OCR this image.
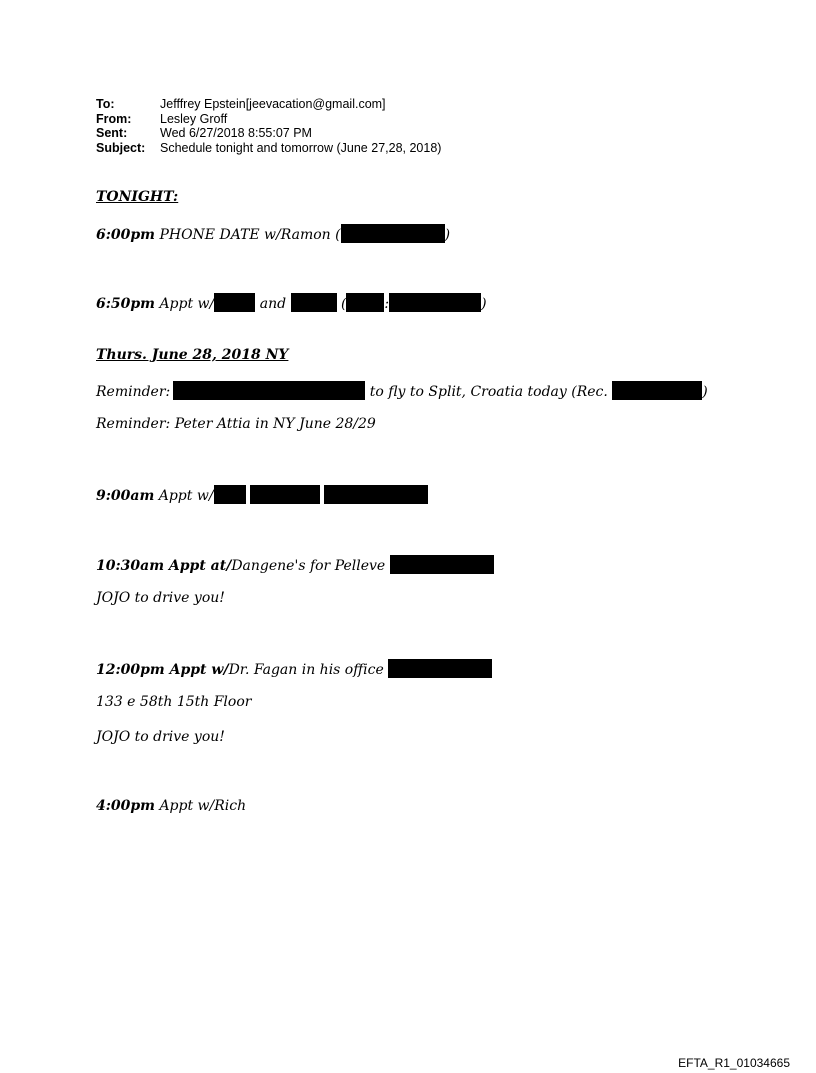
To:	Jefffrey Epstein[jeevacation@gmail.com]
From:	Lesley Groff
Sent:	Wed 6/27/2018 8:55:07 PM
Subject:	Schedule tonight and tomorrow (June 27,28, 2018)
TONIGHT:
6:00pm PHONE DATE w/Ramon (	)
6:50pm Appt w/	and	(	:	)
Thurs. June 28, 2018 NY
Reminder:	to fly to Split, Croatia today (Rec.	)
Reminder: Peter Attia in NY June 28/29
9:00am Appt w/
10:30am Appt at/Dangene's for Pelleve
JOJO to drive you!
12:00pm Appt w/Dr. Fagan in his office
133 e 58th 15th Floor
JOJO to drive you!
4:00pm Appt w/Rich
EFTA_R1_01034665
